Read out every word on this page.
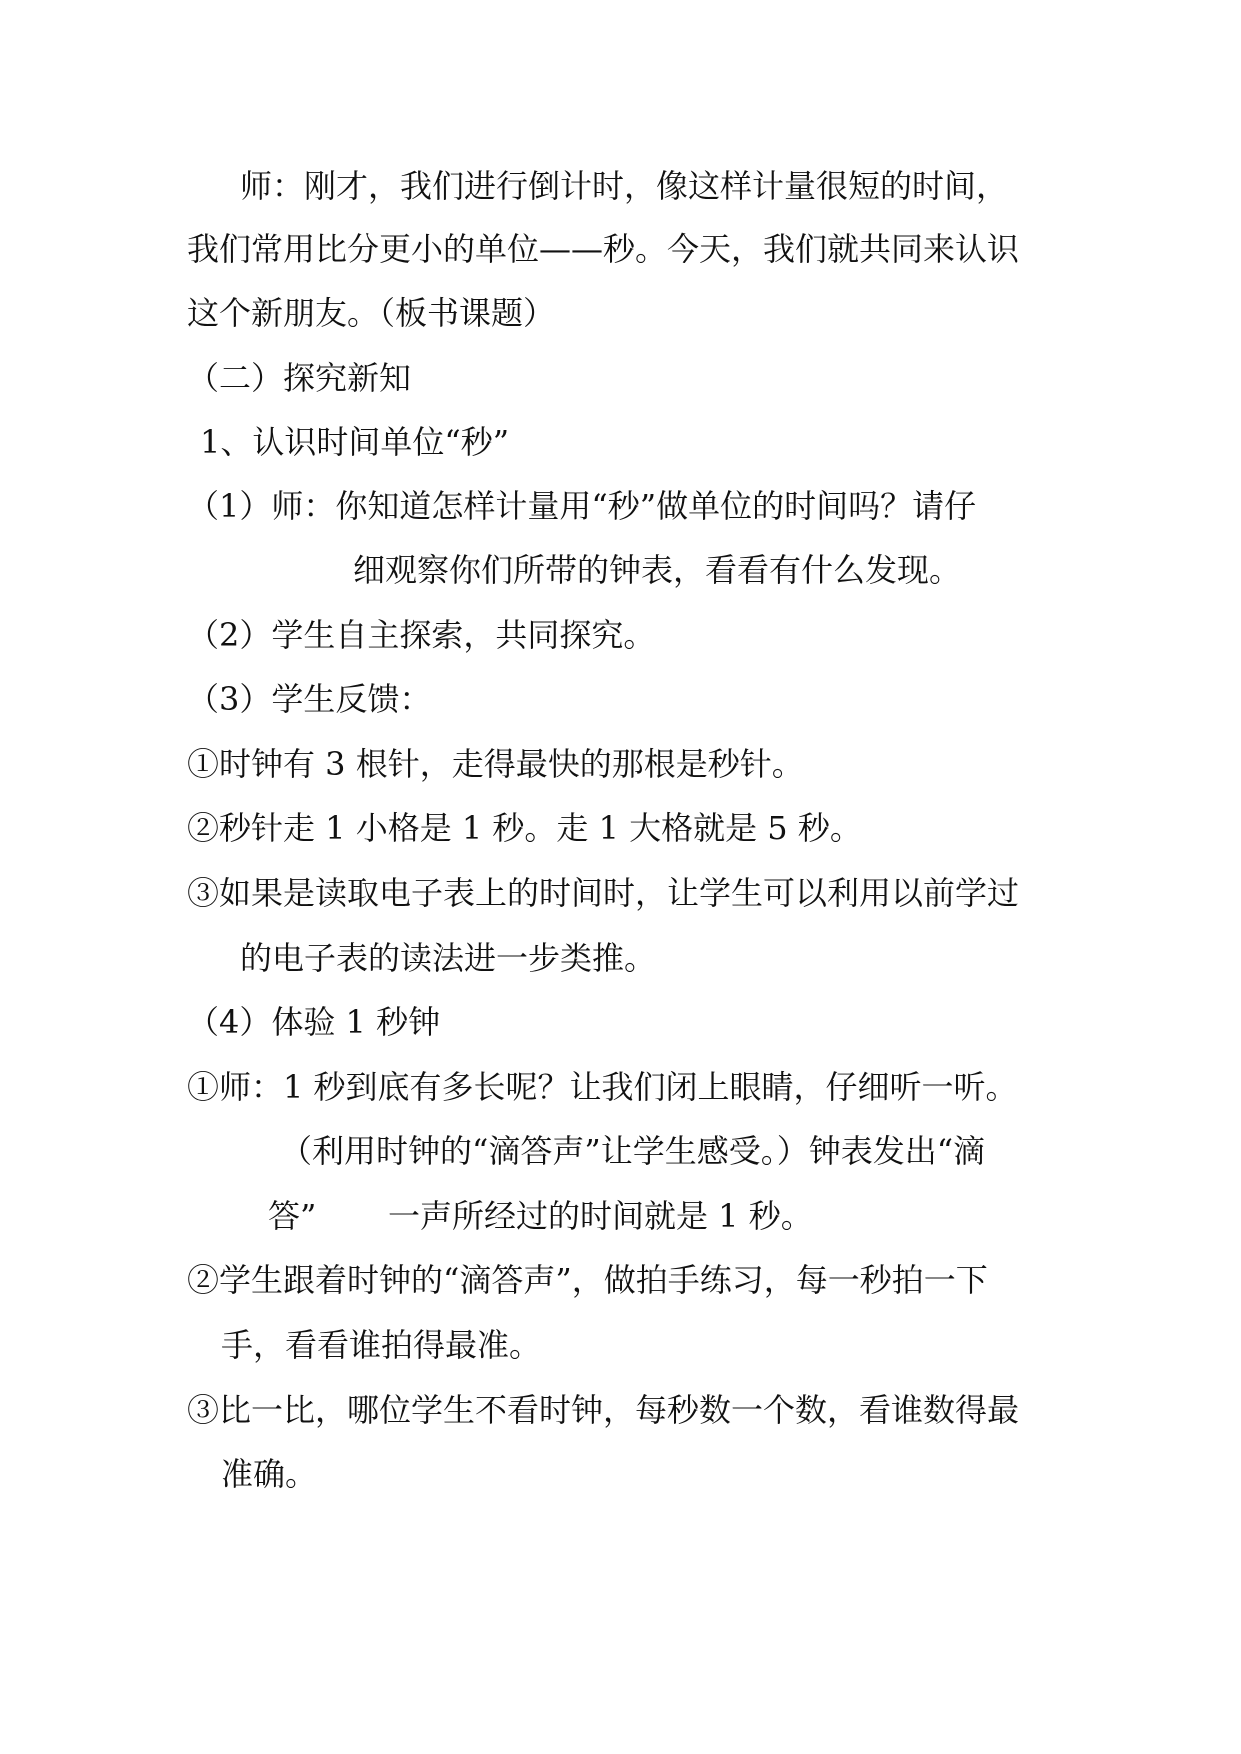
师：刚才，我们进行倒计时，像这样计量很短的时间，
我们常用比分更小的单位——秒。今天，我们就共同来认识
这个新朋友。（板书课题）
（二）探究新知
1、认识时间单位“秒”
（1）师：你知道怎样计量用“秒”做单位的时间吗？请仔
细观察你们所带的钟表，看看有什么发现。
（2）学生自主探索，共同探究。
（3）学生反馈：
①时钟有 3 根针，走得最快的那根是秒针。
②秒针走 1 小格是 1 秒。走 1 大格就是 5 秒。
③如果是读取电子表上的时间时，让学生可以利用以前学过
的电子表的读法进一步类推。
（4）体验 1 秒钟
①师：1 秒到底有多长呢？让我们闭上眼睛，仔细听一听。
（利用时钟的“滴答声”让学生感受。）钟表发出“滴
答” 一声所经过的时间就是 1 秒。
②学生跟着时钟的“滴答声”，做拍手练习，每一秒拍一下
手，看看谁拍得最准。
③比一比，哪位学生不看时钟，每秒数一个数，看谁数得最
准确。
